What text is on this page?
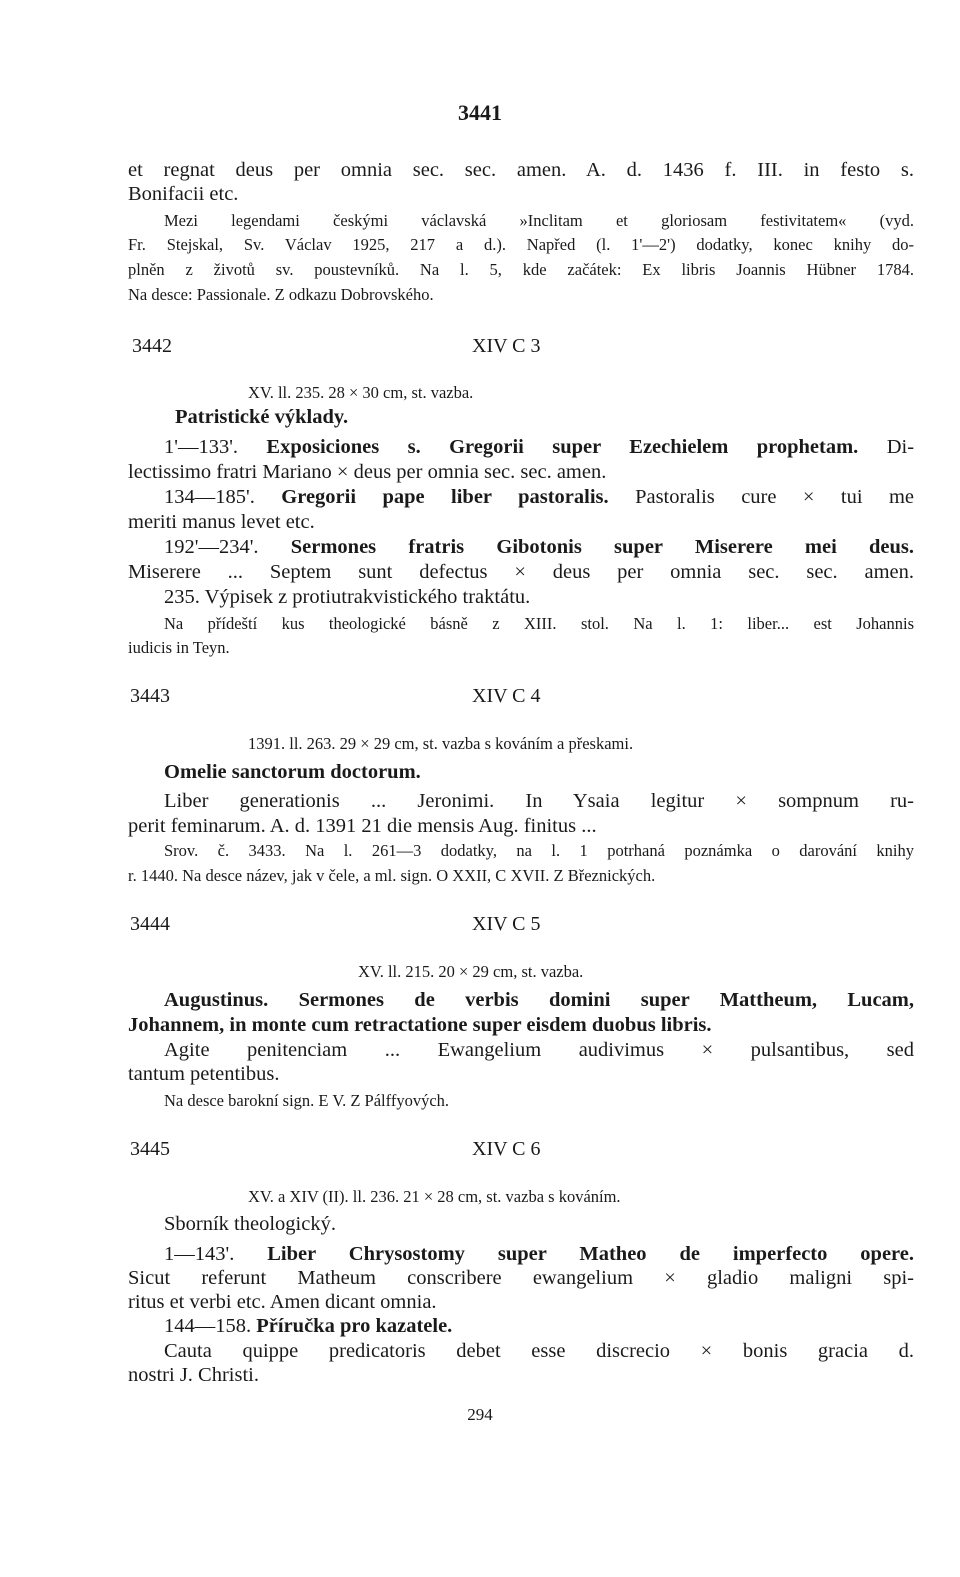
3441
et regnat deus per omnia sec. sec. amen. A. d. 1436 f. III. in festo s.
Bonifacii etc.
Mezi legendami českými václavská »Inclitam et gloriosam festivitatem« (vyd.
Fr. Stejskal, Sv. Václav 1925, 217 a d.). Napřed (l. 1'—2') dodatky, konec knihy do-
plněn z životů sv. poustevníků. Na l. 5, kde začátek: Ex libris Joannis Hübner 1784.
Na desce: Passionale. Z odkazu Dobrovského.
3442	XIV C 3
XV. ll. 235. 28 × 30 cm, st. vazba.
Patristické výklady.
1'—133'. Exposiciones s. Gregorii super Ezechielem prophetam. Di-
lectissimo fratri Mariano × deus per omnia sec. sec. amen.
134—185'. Gregorii pape liber pastoralis. Pastoralis cure × tui me
meriti manus levet etc.
192'—234'. Sermones fratris Gibotonis super Miserere mei deus.
Miserere ... Septem sunt defectus × deus per omnia sec. sec. amen.
235. Výpisek z protiutrakvistického traktátu.
Na přídeští kus theologické básně z XIII. stol. Na l. 1: liber... est Johannis
iudicis in Teyn.
3443	XIV C 4
1391. ll. 263. 29 × 29 cm, st. vazba s kováním a přeskami.
Omelie sanctorum doctorum.
Liber generationis ... Jeronimi. In Ysaia legitur × sompnum ru-
perit feminarum. A. d. 1391 21 die mensis Aug. finitus ...
Srov. č. 3433. Na l. 261—3 dodatky, na l. 1 potrhaná poznámka o darování knihy
r. 1440. Na desce název, jak v čele, a ml. sign. O XXII, C XVII. Z Březnických.
3444	XIV C 5
XV. ll. 215. 20 × 29 cm, st. vazba.
Augustinus. Sermones de verbis domini super Mattheum, Lucam,
Johannem, in monte cum retractatione super eisdem duobus libris.
Agite penitenciam ... Ewangelium audivimus × pulsantibus, sed
tantum petentibus.
Na desce barokní sign. E V. Z Pálffyových.
3445	XIV C 6
XV. a XIV (II). ll. 236. 21 × 28 cm, st. vazba s kováním.
Sborník theologický.
1—143'. Liber Chrysostomy super Matheo de imperfecto opere.
Sicut referunt Matheum conscribere ewangelium × gladio maligni spi-
ritus et verbi etc. Amen dicant omnia.
144—158. Příručka pro kazatele.
Cauta quippe predicatoris debet esse discrecio × bonis gracia d.
nostri J. Christi.
294
